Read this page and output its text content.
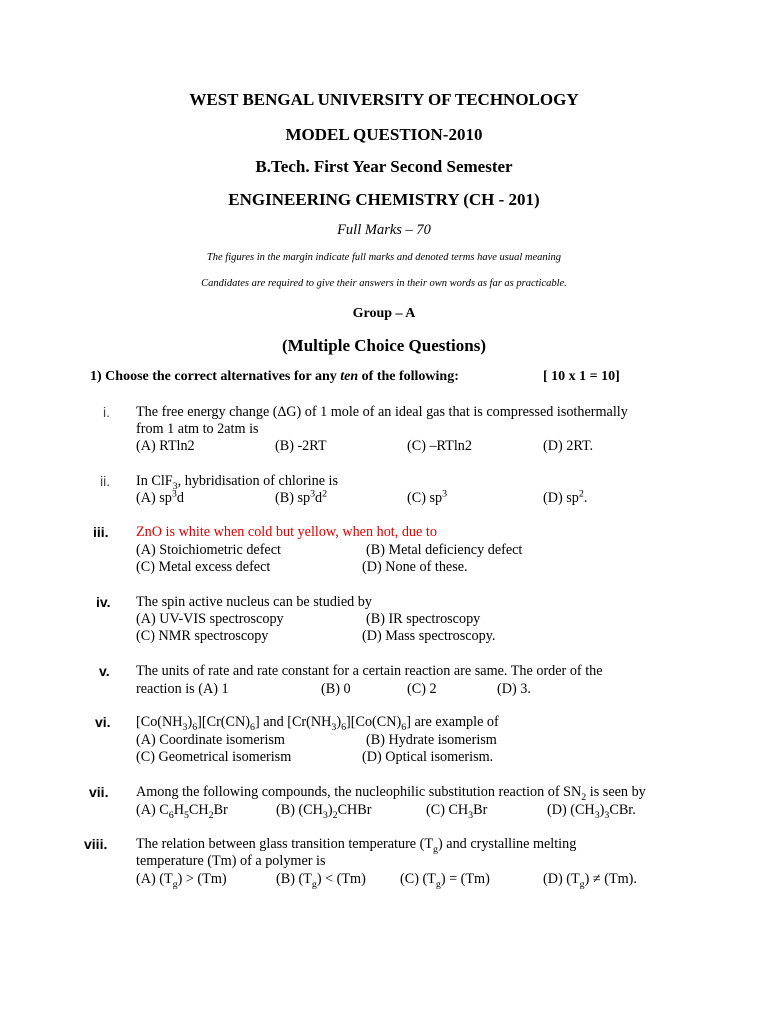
WEST BENGAL UNIVERSITY OF TECHNOLOGY

MODEL QUESTION-2010

B.Tech. First Year Second Semester

ENGINEERING CHEMISTRY (CH - 201)

Full Marks – 70

The figures in the margin indicate full marks and denoted terms have usual meaning

Candidates are required to give their answers in their own words as far as practicable.

Group – A

(Multiple Choice Questions)

1) Choose the correct alternatives for any ten of the following:	[ 10 x 1 = 10]

i. The free energy change (∆G) of 1 mole of an ideal gas that is compressed isothermally

from 1 atm to 2atm is

(A) RTln2	(B) -2RT	(C) –RTln2	(D) 2RT.

ii. In ClF$_3$, hybridisation of chlorine is

(A) $sp^3d$	(B) $sp^3d^2$	(C) $sp^3$	(D) $sp^2$.

iii. ZnO is white when cold but yellow, when hot, due to

(A) Stoichiometric defect	(B) Metal deficiency defect

(C) Metal excess defect	(D) None of these.

iv. The spin active nucleus can be studied by

(A) UV-VIS spectroscopy	(B) IR spectroscopy

(C) NMR spectroscopy	(D) Mass spectroscopy.

v. The units of rate and rate constant for a certain reaction are same. The order of the

reaction is (A) 1	(B) 0	(C) 2	(D) 3.

vi. $[Co(NH_3)_6][Cr(CN)_6]$ and $[Cr(NH_3)_6][Co(CN)_6]$ are example of

(A) Coordinate isomerism	(B) Hydrate isomerism

(C) Geometrical isomerism	(D) Optical isomerism.

vii. Among the following compounds, the nucleophilic substitution reaction of $SN_2$ is seen by

(A) $C_6H_5CH_2Br$	(B) $(CH_3)_2CHBr$	(C) $CH_3Br$	(D) $(CH_3)_3CBr$.

viii. The relation between glass transition temperature $(T_g)$ and crystalline melting

temperature (Tm) of a polymer is

(A) $(T_g) > (Tm)$	(B) $(T_g) < (Tm)$ (C) $(T_g) = (Tm)$	(D) $(T_g) \ne (Tm)$.
